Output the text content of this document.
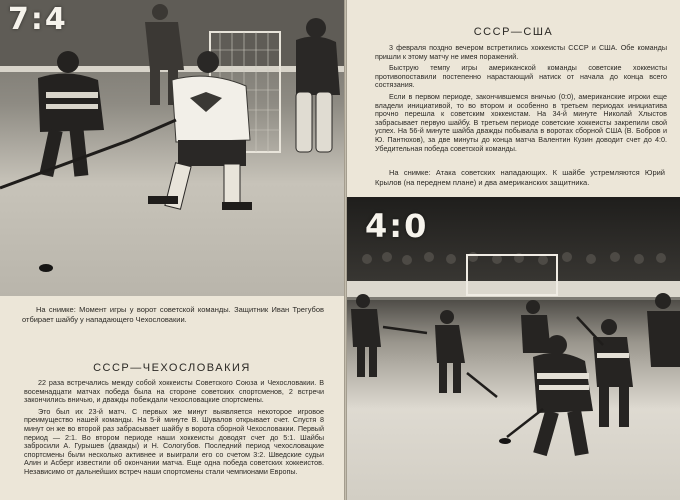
7:4

На снимке: Момент игры у ворот советской команды. Защитник Иван Трегубов отбирает шайбу у нападающего Чехословакии.

СССР—ЧЕХОСЛОВАКИЯ

22 раза встречались между собой хоккеисты Советского Союза и Чехословакии. В восемнадцати матчах победа была на стороне советских спортсменов, 2 встречи закончились вничью, и дважды побеждали чехословацкие спортсмены.

Это был их 23-й матч. С первых же минут выявляется некоторое игровое преимущество нашей команды. На 5-й минуте В. Шувалов открывает счет. Спустя 8 минут он же во второй раз забрасывает шайбу в ворота сборной Чехословакии. Первый период — 2:1. Во втором периоде наши хоккеисты доводят счет до 5:1. Шайбы забросили А. Гурышев (дважды) и Н. Сологубов. Последний период чехословацкие спортсмены были несколько активнее и выиграли его со счетом 3:2. Шведские судьи Алин и Асберг известили об окончании матча. Еще одна победа советских хоккеистов. Независимо от дальнейших встреч наши спортсмены стали чемпионами Европы.

СССР—США

3 февраля поздно вечером встретились хоккеисты СССР и США. Обе команды пришли к этому матчу не имея поражений.

Быструю темпу игры американской команды советские хоккеисты противопоставили постепенно нарастающий натиск от начала до конца всего состязания.

Если в первом периоде, закончившемся вничью (0:0), американские игроки еще владели инициативой, то во втором и особенно в третьем периодах инициатива прочно перешла к советским хоккеистам. На 34-й минуте Николай Хлыстов забрасывает первую шайбу. В третьем периоде советские хоккеисты закрепили свой успех. На 56-й минуте шайба дважды побывала в воротах сборной США (В. Бобров и Ю. Пантюхов), за две минуты до конца матча Валентин Кузин доводит счет до 4:0. Убедительная победа советской команды.

На снимке: Атака советских нападающих. К шайбе устремляются Юрий Крылов (на переднем плане) и два американских защитника.

4:0
